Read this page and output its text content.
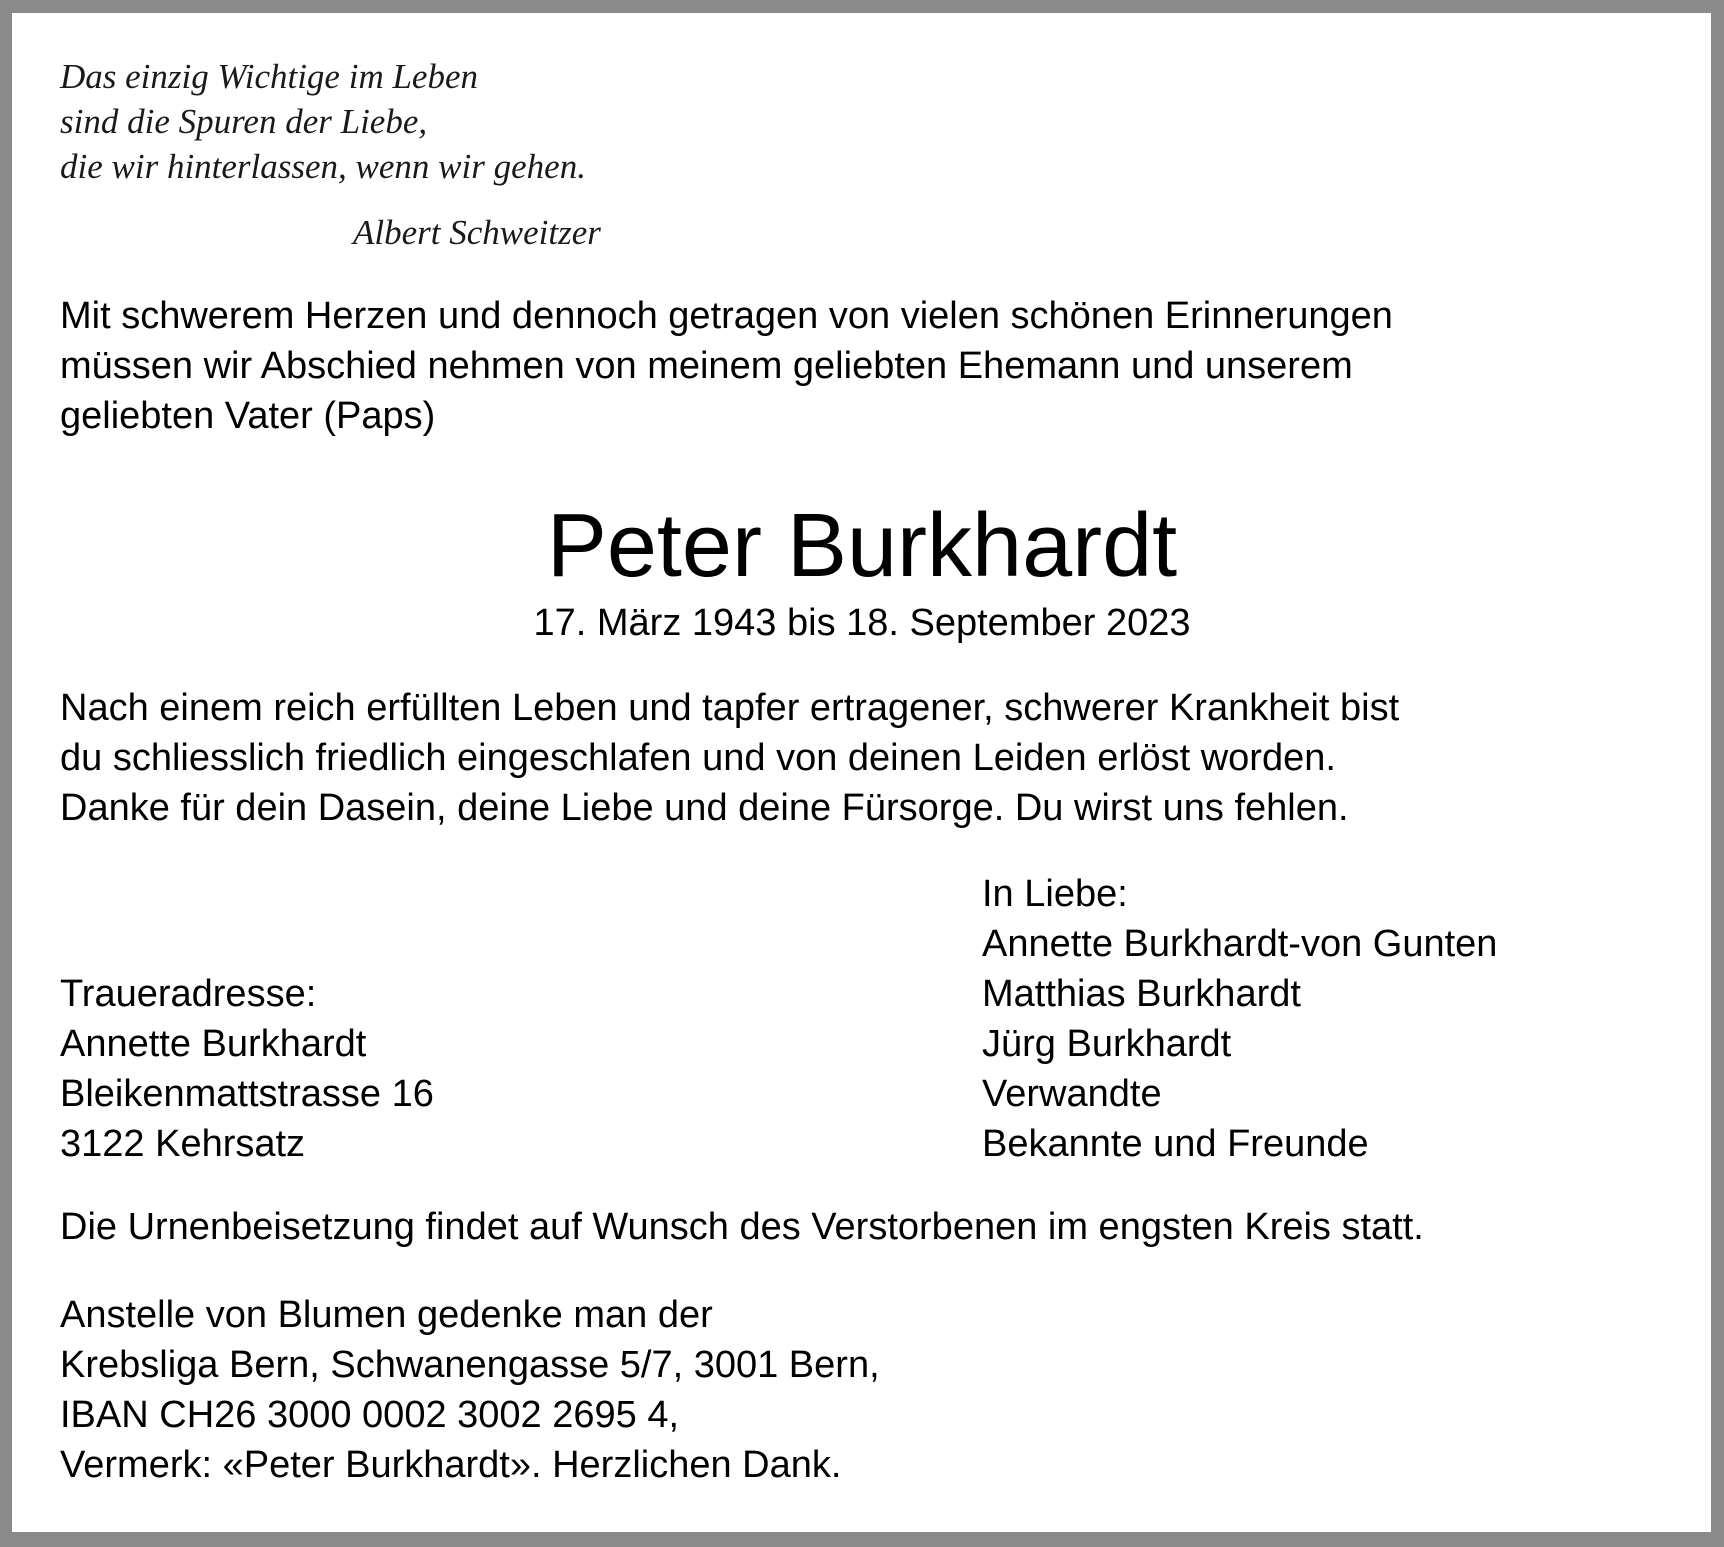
Das einzig Wichtige im Leben
sind die Spuren der Liebe,
die wir hinterlassen, wenn wir gehen.
Albert Schweitzer
Mit schwerem Herzen und dennoch getragen von vielen schönen Erinnerungen
müssen wir Abschied nehmen von meinem geliebten Ehemann und unserem
geliebten Vater (Paps)
Peter Burkhardt
17. März 1943 bis 18. September 2023
Nach einem reich erfüllten Leben und tapfer ertragener, schwerer Krankheit bist
du schliesslich friedlich eingeschlafen und von deinen Leiden erlöst worden.
Danke für dein Dasein, deine Liebe und deine Fürsorge. Du wirst uns fehlen.
In Liebe:
Annette Burkhardt-von Gunten
Matthias Burkhardt
Jürg Burkhardt
Verwandte
Bekannte und Freunde
Traueradresse:
Annette Burkhardt
Bleikenmattstrasse 16
3122 Kehrsatz
Die Urnenbeisetzung findet auf Wunsch des Verstorbenen im engsten Kreis statt.
Anstelle von Blumen gedenke man der
Krebsliga Bern, Schwanengasse 5/7, 3001 Bern,
IBAN CH26 3000 0002 3002 2695 4,
Vermerk: «Peter Burkhardt». Herzlichen Dank.
